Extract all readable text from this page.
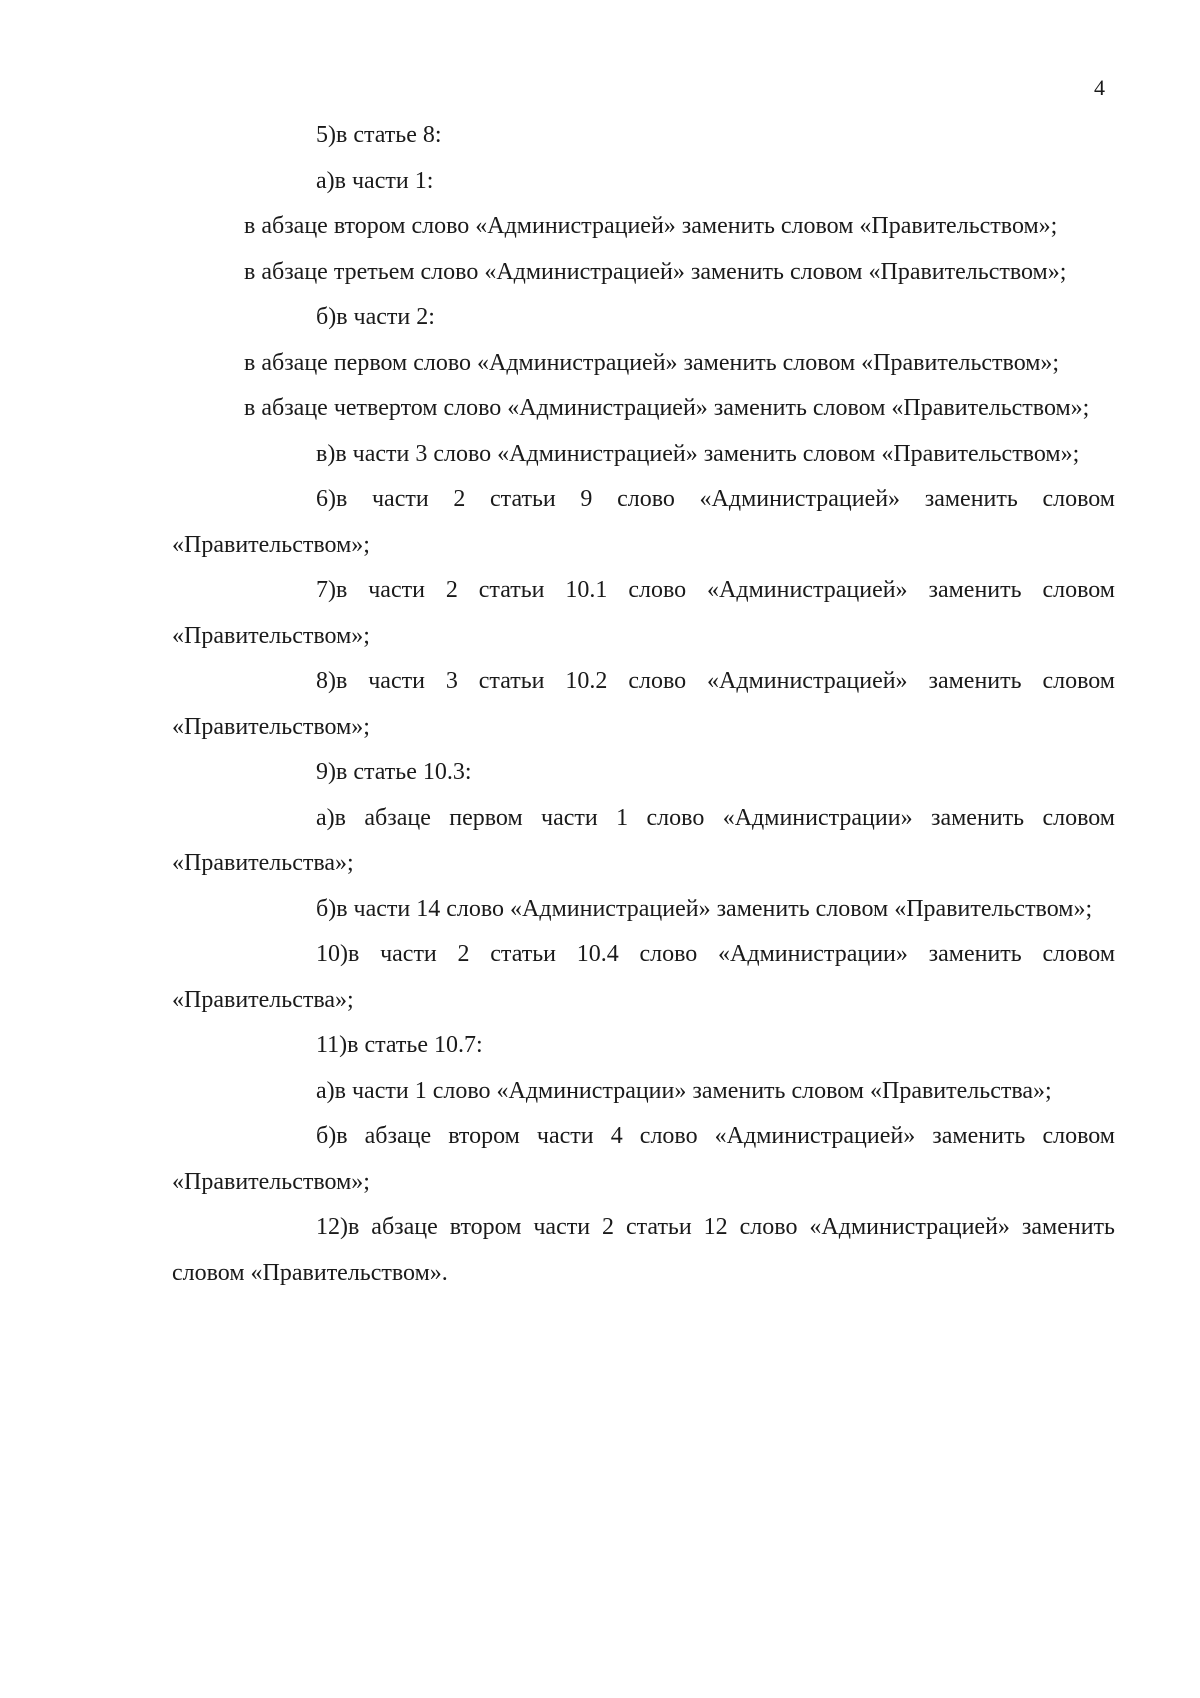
4

5)в статье 8:

а)в части 1:

в абзаце втором слово «Администрацией» заменить словом «Правительством»;

в абзаце третьем слово «Администрацией» заменить словом «Правительством»;

б)в части 2:

в абзаце первом слово «Администрацией» заменить словом «Правительством»;

в абзаце четвертом слово «Администрацией» заменить словом «Правительством»;

в)в части 3 слово «Администрацией» заменить словом «Правительством»;

6)в части 2 статьи 9 слово «Администрацией» заменить словом «Правительством»;

7)в части 2 статьи 10.1 слово «Администрацией» заменить словом «Правительством»;

8)в части 3 статьи 10.2 слово «Администрацией» заменить словом «Правительством»;

9)в статье 10.3:

а)в абзаце первом части 1 слово «Администрации» заменить словом «Правительства»;

б)в части 14 слово «Администрацией» заменить словом «Правительством»;

10)в части 2 статьи 10.4 слово «Администрации» заменить словом «Правительства»;

11)в статье 10.7:

а)в части 1 слово «Администрации» заменить словом «Правительства»;

б)в абзаце втором части 4 слово «Администрацией» заменить словом «Правительством»;

12)в абзаце втором части 2 статьи 12 слово «Администрацией» заменить словом «Правительством».
